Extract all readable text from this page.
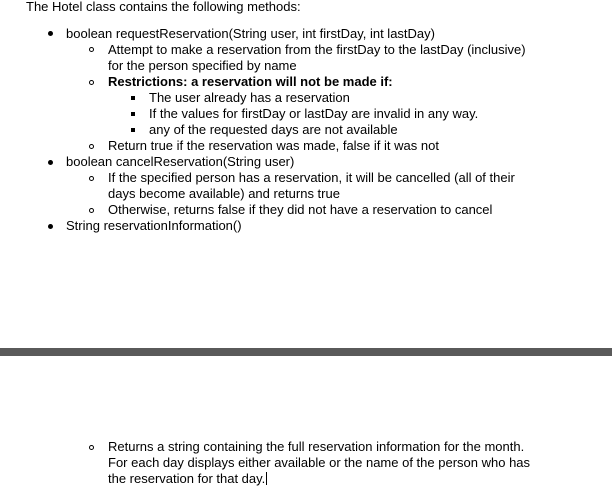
The Hotel class contains the following methods:
boolean requestReservation(String user, int firstDay, int lastDay)
Attempt to make a reservation from the firstDay to the lastDay (inclusive)
for the person specified by name
Restrictions: a reservation will not be made if:
The user already has a reservation
If the values for firstDay or lastDay are invalid in any way.
any of the requested days are not available
Return true if the reservation was made, false if it was not
boolean cancelReservation(String user)
If the specified person has a reservation, it will be cancelled (all of their
days become available) and returns true
Otherwise, returns false if they did not have a reservation to cancel
String reservationInformation()
Returns a string containing the full reservation information for the month.
For each day displays either available or the name of the person who has
the reservation for that day.
